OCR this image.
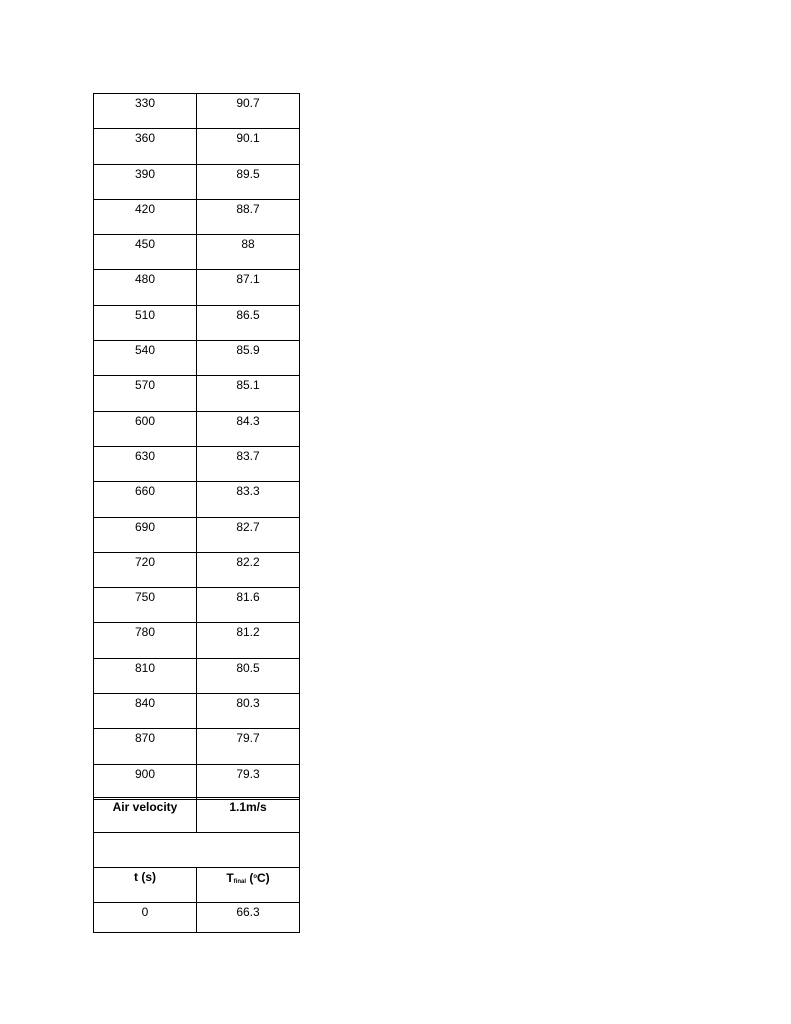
330	90.7

360	90.1

390	89.5

420	88.7

450	88

480	87.1

510	86.5

540	85.9

570	85.1

600	84.3

630	83.7

660	83.3

690	82.7

720	82.2

750	81.6

780	81.2

810	80.5

840	80.3

870	79.7

900	79.3
Air velocity	1.1m/s

t (s)	$T_{final}$ ($^o$C)

0	66.3
